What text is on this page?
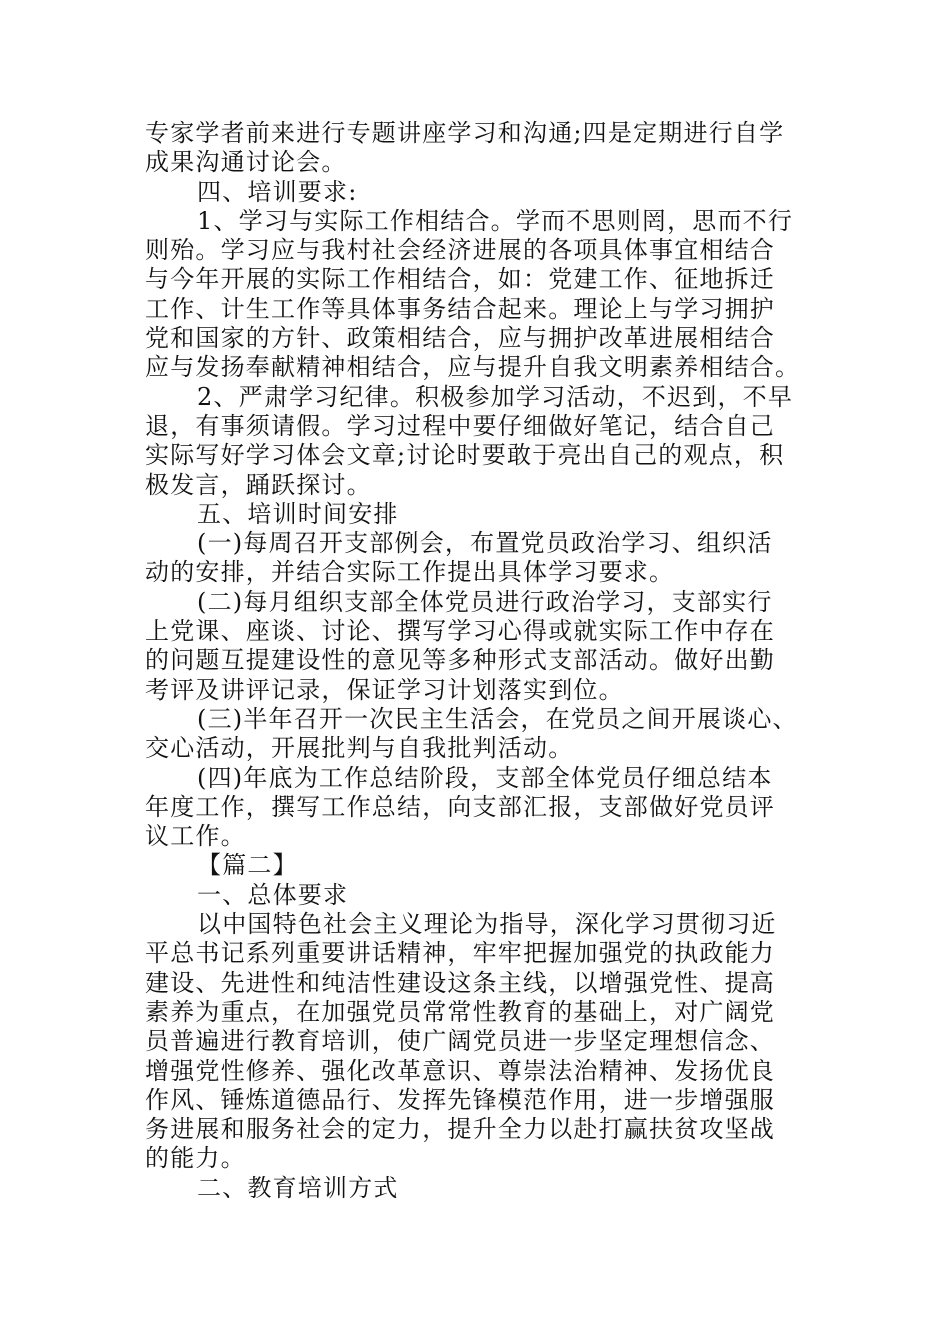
专家学者前来进行专题讲座学习和沟通;四是定期进行自学
成果沟通讨论会。

四、培训要求:

1、学习与实际工作相结合。学而不思则罔，思而不行
则殆。学习应与我村社会经济进展的各项具体事宜相结合
与今年开展的实际工作相结合，如：党建工作、征地拆迁
工作、计生工作等具体事务结合起来。理论上与学习拥护
党和国家的方针、政策相结合，应与拥护改革进展相结合
应与发扬奉献精神相结合，应与提升自我文明素养相结合。

2、严肃学习纪律。积极参加学习活动，不迟到，不早
退，有事须请假。学习过程中要仔细做好笔记，结合自己
实际写好学习体会文章;讨论时要敢于亮出自己的观点，积
极发言，踊跃探讨。

五、培训时间安排

(一)每周召开支部例会，布置党员政治学习、组织活
动的安排，并结合实际工作提出具体学习要求。

(二)每月组织支部全体党员进行政治学习，支部实行
上党课、座谈、讨论、撰写学习心得或就实际工作中存在
的问题互提建设性的意见等多种形式支部活动。做好出勤
考评及讲评记录，保证学习计划落实到位。

(三)半年召开一次民主生活会，在党员之间开展谈心、
交心活动，开展批判与自我批判活动。

(四)年底为工作总结阶段，支部全体党员仔细总结本
年度工作，撰写工作总结，向支部汇报，支部做好党员评
议工作。

【篇二】

一、总体要求

以中国特色社会主义理论为指导，深化学习贯彻习近
平总书记系列重要讲话精神，牢牢把握加强党的执政能力
建设、先进性和纯洁性建设这条主线，以增强党性、提高
素养为重点，在加强党员常常性教育的基础上，对广阔党
员普遍进行教育培训，使广阔党员进一步坚定理想信念、
增强党性修养、强化改革意识、尊崇法治精神、发扬优良
作风、锤炼道德品行、发挥先锋模范作用，进一步增强服
务进展和服务社会的定力，提升全力以赴打赢扶贫攻坚战
的能力。

二、教育培训方式
